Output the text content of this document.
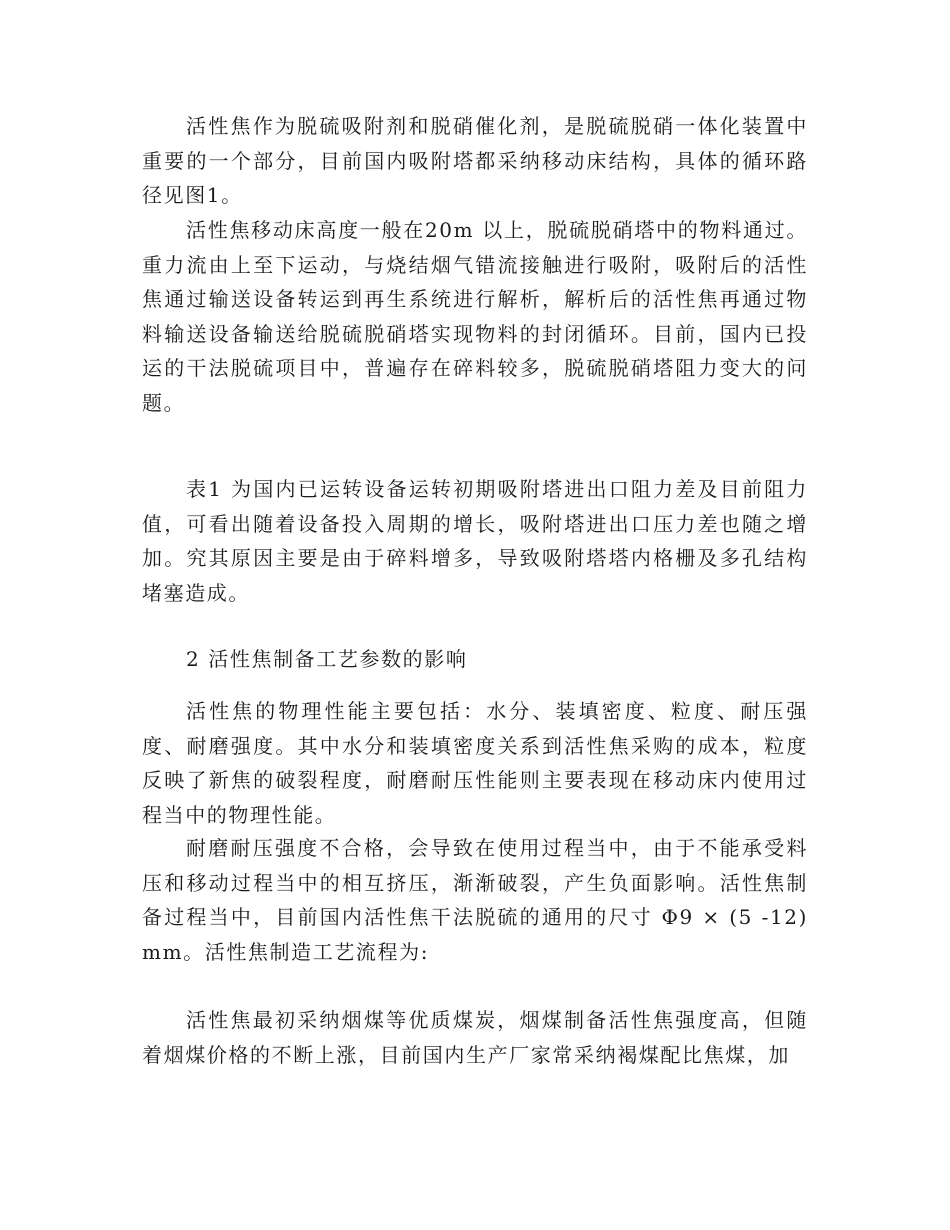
活性焦作为脱硫吸附剂和脱硝催化剂，是脱硫脱硝一体化装置中重要的一个部分，目前国内吸附塔都采纳移动床结构，具体的循环路径见图1。

活性焦移动床高度一般在20m 以上，脱硫脱硝塔中的物料通过。重力流由上至下运动，与烧结烟气错流接触进行吸附，吸附后的活性焦通过输送设备转运到再生系统进行解析，解析后的活性焦再通过物料输送设备输送给脱硫脱硝塔实现物料的封闭循环。目前，国内已投运的干法脱硫项目中，普遍存在碎料较多，脱硫脱硝塔阻力变大的问题。

表1 为国内已运转设备运转初期吸附塔进出口阻力差及目前阻力值，可看出随着设备投入周期的增长，吸附塔进出口压力差也随之增加。究其原因主要是由于碎料增多，导致吸附塔塔内格栅及多孔结构堵塞造成。

2 活性焦制备工艺参数的影响

活性焦的物理性能主要包括：水分、装填密度、粒度、耐压强度、耐磨强度。其中水分和装填密度关系到活性焦采购的成本，粒度反映了新焦的破裂程度，耐磨耐压性能则主要表现在移动床内使用过程当中的物理性能。

耐磨耐压强度不合格，会导致在使用过程当中，由于不能承受料压和移动过程当中的相互挤压，渐渐破裂，产生负面影响。活性焦制备过程当中，目前国内活性焦干法脱硫的通用的尺寸 Φ9 × (5 -12)mm。活性焦制造工艺流程为:

活性焦最初采纳烟煤等优质煤炭，烟煤制备活性焦强度高，但随着烟煤价格的不断上涨，目前国内生产厂家常采纳褐煤配比焦煤，加
